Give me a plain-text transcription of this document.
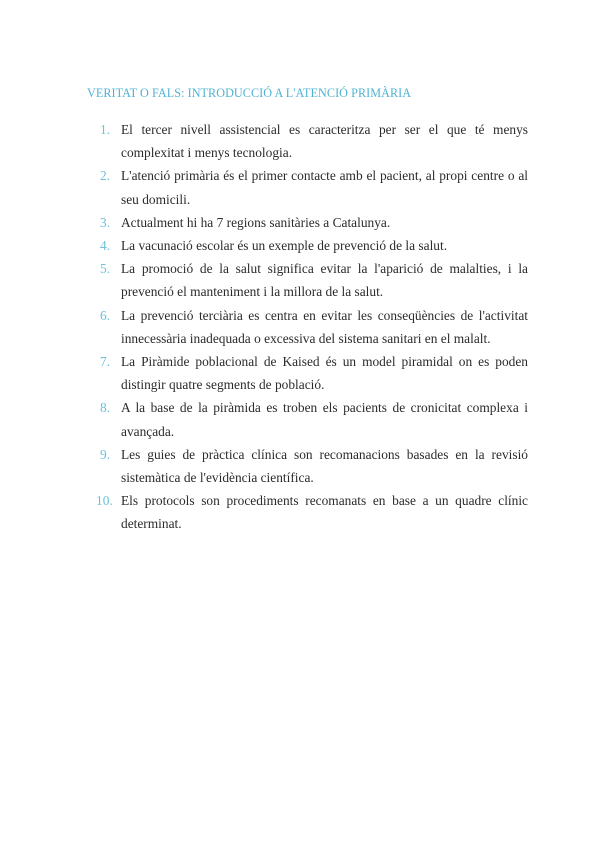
VERITAT O FALS: INTRODUCCIÓ A L'ATENCIÓ PRIMÀRIA
1. El tercer nivell assistencial es caracteritza per ser el que té menys complexitat i menys tecnologia.
2. L'atenció primària és el primer contacte amb el pacient, al propi centre o al seu domicili.
3. Actualment hi ha 7 regions sanitàries a Catalunya.
4. La vacunació escolar és un exemple de prevenció de la salut.
5. La promoció de la salut significa evitar la l'aparició de malalties, i la prevenció el manteniment i la millora de la salut.
6. La prevenció terciària es centra en evitar les conseqüències de l'activitat innecessària inadequada o excessiva del sistema sanitari en el malalt.
7. La Piràmide poblacional de Kaised és un model piramidal on es poden distingir quatre segments de població.
8. A la base de la piràmida es troben els pacients de cronicitat complexa i avançada.
9. Les guies de pràctica clínica son recomanacions basades en la revisió sistemàtica de l'evidència científica.
10. Els protocols son procediments recomanats en base a un quadre clínic determinat.
